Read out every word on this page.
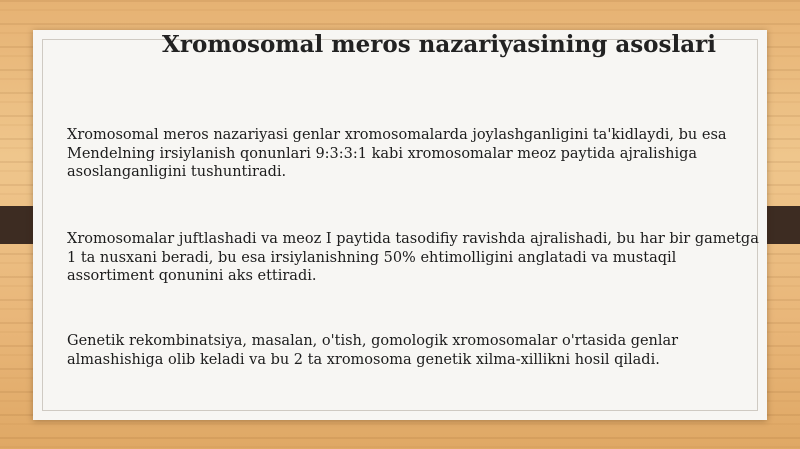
Xromosomal meros nazariyasining asoslari

Xromosomal meros nazariyasi genlar xromosomalarda joylashganligini ta'kidlaydi, bu esa Mendelning irsiylanish qonunlari 9:3:3:1 kabi xromosomalar meoz paytida ajralishiga asoslanganligini tushuntiradi.

Xromosomalar juftlashadi va meoz I paytida tasodifiy ravishda ajralishadi, bu har bir gametga 1 ta nusxani beradi, bu esa irsiylanishning 50% ehtimolligini anglatadi va mustaqil assortiment qonunini aks ettiradi.

Genetik rekombinatsiya, masalan, o'tish, gomologik xromosomalar o'rtasida genlar almashishiga olib keladi va bu 2 ta xromosoma genetik xilma-xillikni hosil qiladi.
